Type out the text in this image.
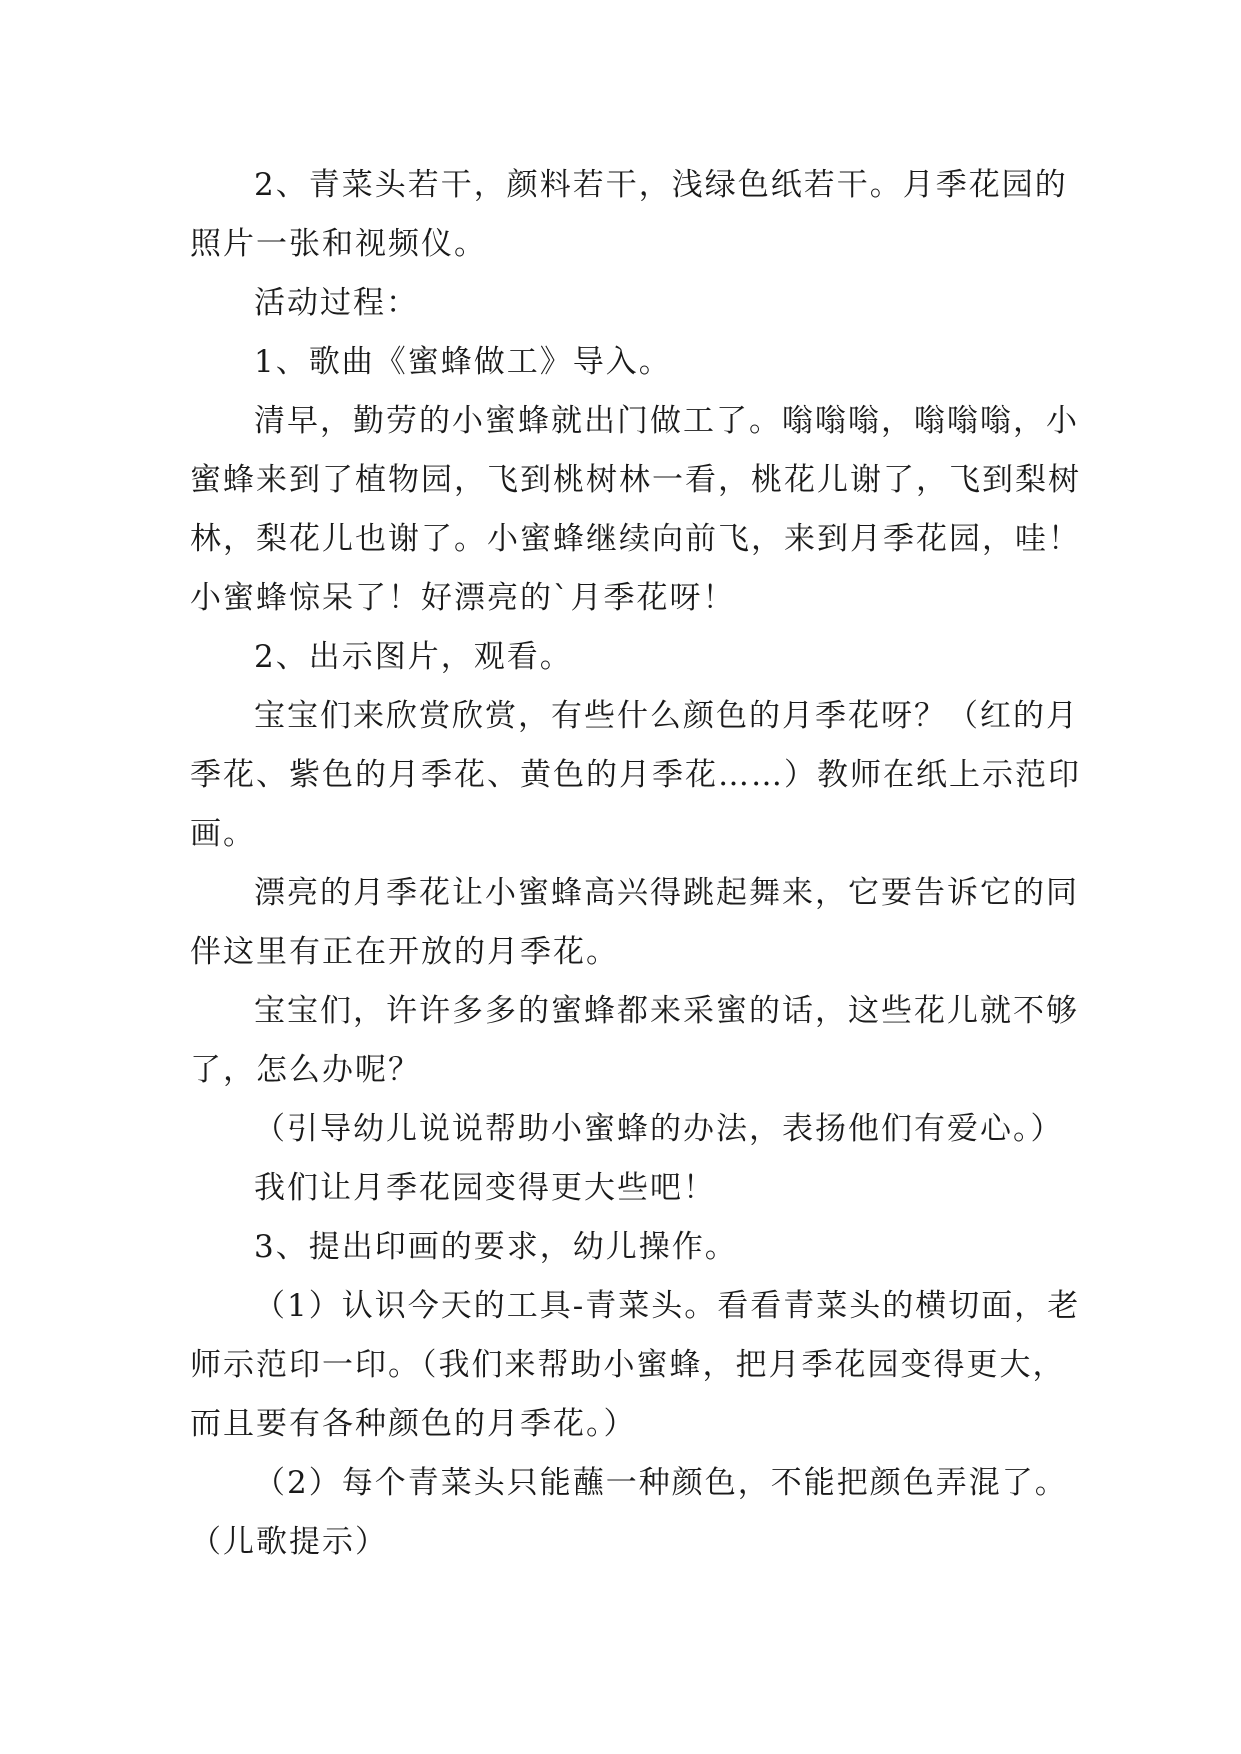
2、青菜头若干，颜料若干，浅绿色纸若干。月季花园的照片一张和视频仪。

活动过程：

1、歌曲《蜜蜂做工》导入。

清早，勤劳的小蜜蜂就出门做工了。嗡嗡嗡，嗡嗡嗡，小蜜蜂来到了植物园，飞到桃树林一看，桃花儿谢了，飞到梨树林，梨花儿也谢了。小蜜蜂继续向前飞，来到月季花园，哇！小蜜蜂惊呆了！好漂亮的`月季花呀！

2、出示图片，观看。

宝宝们来欣赏欣赏，有些什么颜色的月季花呀？（红的月季花、紫色的月季花、黄色的月季花……）教师在纸上示范印画。

漂亮的月季花让小蜜蜂高兴得跳起舞来，它要告诉它的同伴这里有正在开放的月季花。

宝宝们，许许多多的蜜蜂都来采蜜的话，这些花儿就不够了，怎么办呢？

（引导幼儿说说帮助小蜜蜂的办法，表扬他们有爱心。）

我们让月季花园变得更大些吧！

3、提出印画的要求，幼儿操作。

（1）认识今天的工具-青菜头。看看青菜头的横切面，老师示范印一印。（我们来帮助小蜜蜂，把月季花园变得更大，而且要有各种颜色的月季花。）

（2）每个青菜头只能蘸一种颜色，不能把颜色弄混了。（儿歌提示）
